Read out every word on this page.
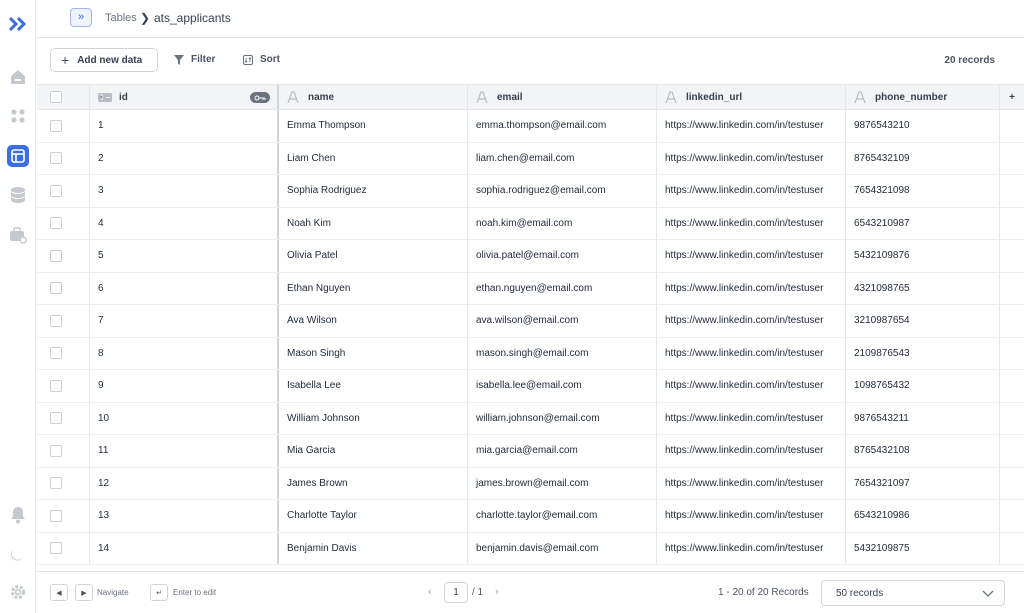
»	Tables ❯ ats_applicants
+ Add new data	Filter	Sort	20 records
id	name	email	linkedin_url	phone_number	+
1	Emma Thompson	emma.thompson@email.com	https://www.linkedin.com/in/testuser	9876543210
2	Liam Chen	liam.chen@email.com	https://www.linkedin.com/in/testuser	8765432109
3	Sophia Rodriguez	sophia.rodriguez@email.com	https://www.linkedin.com/in/testuser	7654321098
4	Noah Kim	noah.kim@email.com	https://www.linkedin.com/in/testuser	6543210987
5	Olivia Patel	olivia.patel@email.com	https://www.linkedin.com/in/testuser	5432109876
6	Ethan Nguyen	ethan.nguyen@email.com	https://www.linkedin.com/in/testuser	4321098765
7	Ava Wilson	ava.wilson@email.com	https://www.linkedin.com/in/testuser	3210987654
8	Mason Singh	mason.singh@email.com	https://www.linkedin.com/in/testuser	2109876543
9	Isabella Lee	isabella.lee@email.com	https://www.linkedin.com/in/testuser	1098765432
10	William Johnson	william.johnson@email.com	https://www.linkedin.com/in/testuser	9876543211
11	Mia Garcia	mia.garcia@email.com	https://www.linkedin.com/in/testuser	8765432108
12	James Brown	james.brown@email.com	https://www.linkedin.com/in/testuser	7654321097
13	Charlotte Taylor	charlotte.taylor@email.com	https://www.linkedin.com/in/testuser	6543210986
14	Benjamin Davis	benjamin.davis@email.com	https://www.linkedin.com/in/testuser	5432109875
◀	▶	Navigate	↵	Enter to edit	‹	1	/ 1 ›	1 - 20 of 20 Records	50 records
